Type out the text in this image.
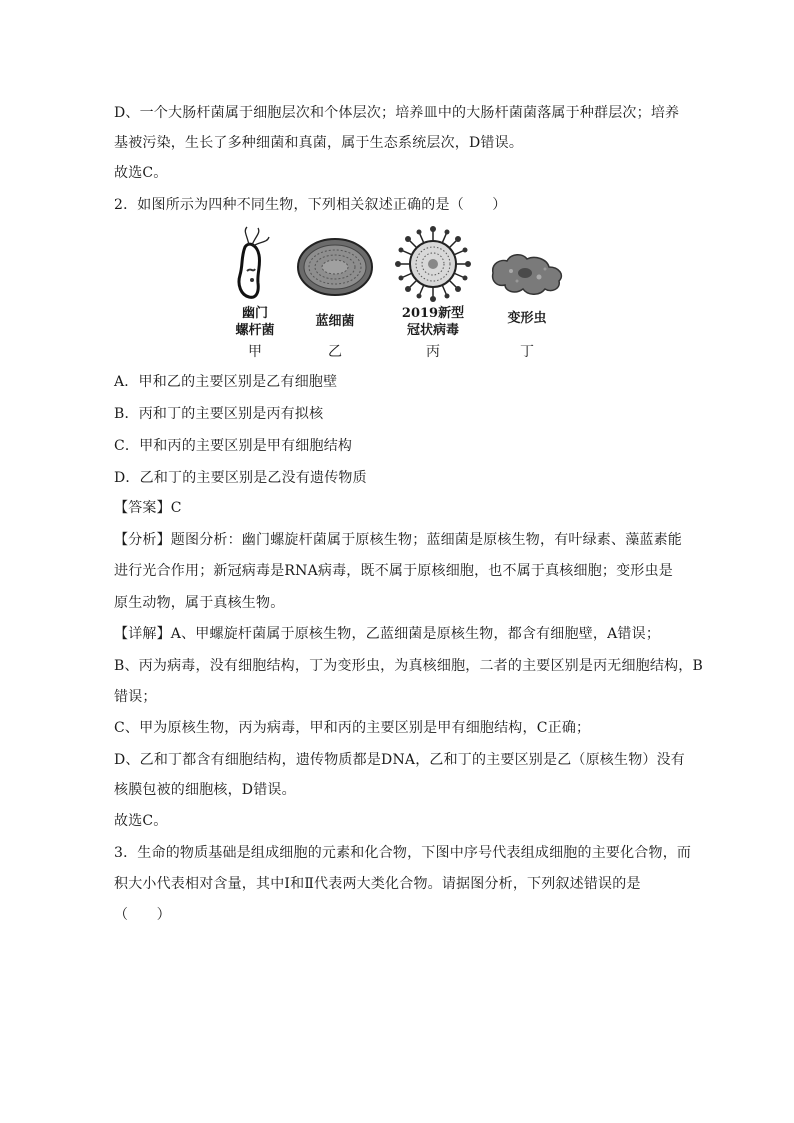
D、一个大肠杆菌属于细胞层次和个体层次；培养皿中的大肠杆菌菌落属于种群层次；培养
基被污染，生长了多种细菌和真菌，属于生态系统层次，D错误。
故选C。
2．如图所示为四种不同生物，下列相关叙述正确的是（　　）
幽门
螺杆菌
甲
蓝细菌
乙
2019新型
冠状病毒
丙
变形虫
丁
A．甲和乙的主要区别是乙有细胞壁
B．丙和丁的主要区别是丙有拟核
C．甲和丙的主要区别是甲有细胞结构
D．乙和丁的主要区别是乙没有遗传物质
【答案】C
【分析】题图分析：幽门螺旋杆菌属于原核生物；蓝细菌是原核生物，有叶绿素、藻蓝素能
进行光合作用；新冠病毒是RNA病毒，既不属于原核细胞，也不属于真核细胞；变形虫是
原生动物，属于真核生物。
【详解】A、甲螺旋杆菌属于原核生物，乙蓝细菌是原核生物，都含有细胞壁，A错误；
B、丙为病毒，没有细胞结构，丁为变形虫，为真核细胞，二者的主要区别是丙无细胞结构，B
错误；
C、甲为原核生物，丙为病毒，甲和丙的主要区别是甲有细胞结构，C正确；
D、乙和丁都含有细胞结构，遗传物质都是DNA，乙和丁的主要区别是乙（原核生物）没有
核膜包被的细胞核，D错误。
故选C。
3．生命的物质基础是组成细胞的元素和化合物，下图中序号代表组成细胞的主要化合物，而
积大小代表相对含量，其中Ⅰ和Ⅱ代表两大类化合物。请据图分析，下列叙述错误的是
（　　）
